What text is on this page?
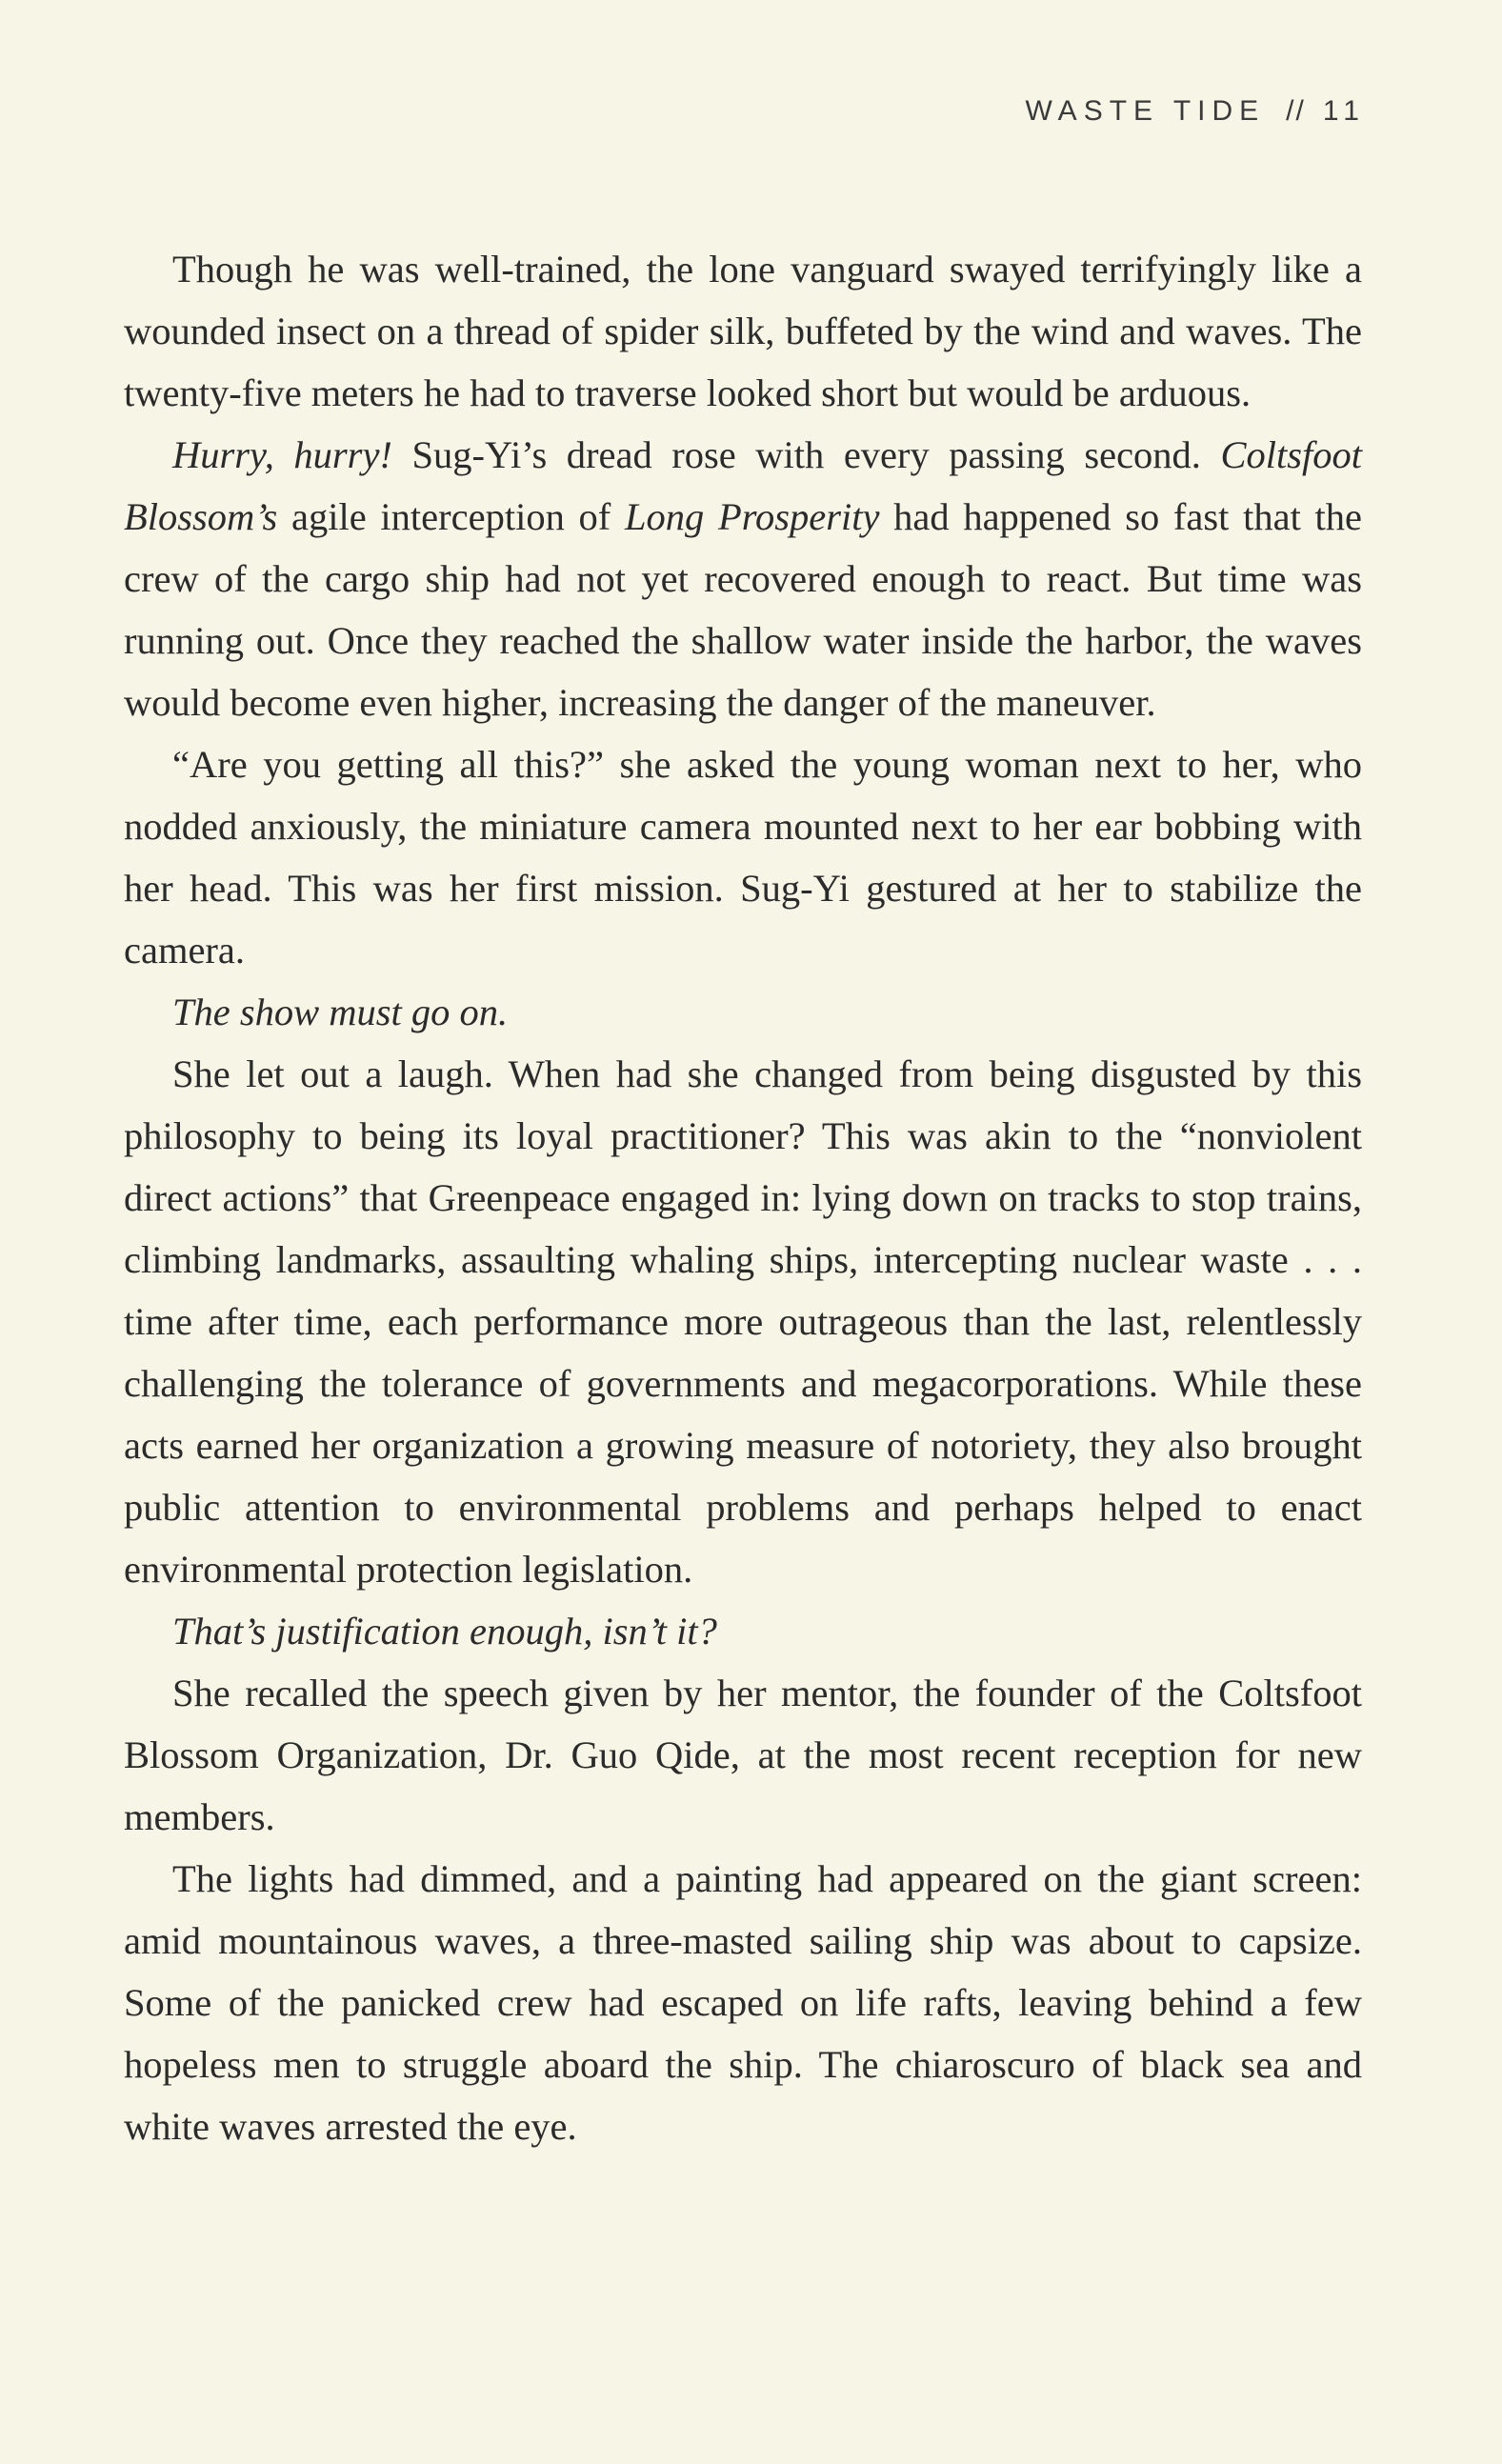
WASTE TIDE // 11

Though he was well-trained, the lone vanguard swayed terrifyingly like a wounded insect on a thread of spider silk, buffeted by the wind and waves. The twenty-five meters he had to traverse looked short but would be arduous.

Hurry, hurry! Sug-Yi’s dread rose with every passing second. Coltsfoot Blossom’s agile interception of Long Prosperity had happened so fast that the crew of the cargo ship had not yet recovered enough to react. But time was running out. Once they reached the shallow water inside the harbor, the waves would become even higher, increasing the danger of the maneuver.

“Are you getting all this?” she asked the young woman next to her, who nodded anxiously, the miniature camera mounted next to her ear bobbing with her head. This was her first mission. Sug-Yi gestured at her to stabilize the camera.

The show must go on.

She let out a laugh. When had she changed from being disgusted by this philosophy to being its loyal practitioner? This was akin to the “nonviolent direct actions” that Greenpeace engaged in: lying down on tracks to stop trains, climbing landmarks, assaulting whaling ships, intercepting nuclear waste . . . time after time, each performance more outrageous than the last, relentlessly challenging the tolerance of governments and megacorporations. While these acts earned her organization a growing measure of notoriety, they also brought public attention to environmental problems and perhaps helped to enact environmental protection legislation.

That’s justification enough, isn’t it?

She recalled the speech given by her mentor, the founder of the Coltsfoot Blossom Organization, Dr. Guo Qide, at the most recent reception for new members.

The lights had dimmed, and a painting had appeared on the giant screen: amid mountainous waves, a three-masted sailing ship was about to capsize. Some of the panicked crew had escaped on life rafts, leaving behind a few hopeless men to struggle aboard the ship. The chiaroscuro of black sea and white waves arrested the eye.
